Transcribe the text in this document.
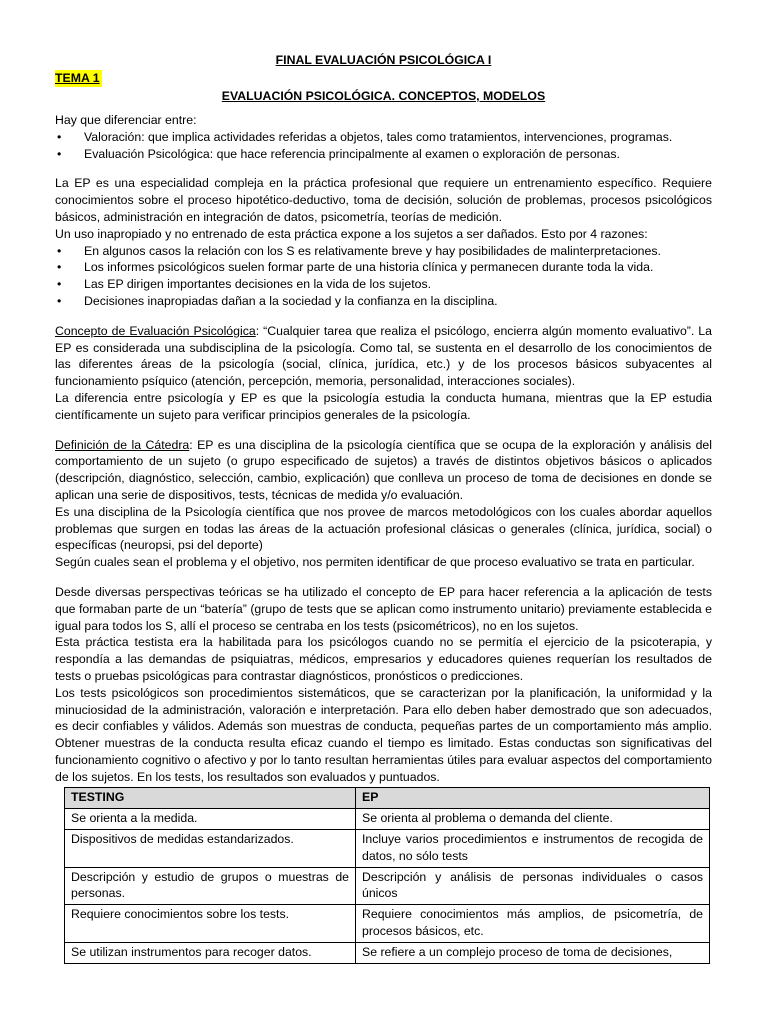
FINAL EVALUACIÓN PSICOLÓGICA I
TEMA 1
EVALUACIÓN PSICOLÓGICA. CONCEPTOS, MODELOS

Hay que diferenciar entre:

• Valoración: que implica actividades referidas a objetos, tales como tratamientos, intervenciones, programas.
• Evaluación Psicológica: que hace referencia principalmente al examen o exploración de personas.

La EP es una especialidad compleja en la práctica profesional que requiere un entrenamiento específico. Requiere conocimientos sobre el proceso hipotético-deductivo, toma de decisión, solución de problemas, procesos psicológicos básicos, administración en integración de datos, psicometría, teorías de medición.

Un uso inapropiado y no entrenado de esta práctica expone a los sujetos a ser dañados. Esto por 4 razones:

• En algunos casos la relación con los S es relativamente breve y hay posibilidades de malinterpretaciones.
• Los informes psicológicos suelen formar parte de una historia clínica y permanecen durante toda la vida.
• Las EP dirigen importantes decisiones en la vida de los sujetos.
• Decisiones inapropiadas dañan a la sociedad y la confianza en la disciplina.

Concepto de Evaluación Psicológica: “Cualquier tarea que realiza el psicólogo, encierra algún momento evaluativo”. La EP es considerada una subdisciplina de la psicología. Como tal, se sustenta en el desarrollo de los conocimientos de las diferentes áreas de la psicología (social, clínica, jurídica, etc.) y de los procesos básicos subyacentes al funcionamiento psíquico (atención, percepción, memoria, personalidad, interacciones sociales).

La diferencia entre psicología y EP es que la psicología estudia la conducta humana, mientras que la EP estudia científicamente un sujeto para verificar principios generales de la psicología.

Definición de la Cátedra: EP es una disciplina de la psicología científica que se ocupa de la exploración y análisis del comportamiento de un sujeto (o grupo especificado de sujetos) a través de distintos objetivos básicos o aplicados (descripción, diagnóstico, selección, cambio, explicación) que conlleva un proceso de toma de decisiones en donde se aplican una serie de dispositivos, tests, técnicas de medida y/o evaluación.

Es una disciplina de la Psicología científica que nos provee de marcos metodológicos con los cuales abordar aquellos problemas que surgen en todas las áreas de la actuación profesional clásicas o generales (clínica, jurídica, social) o específicas (neuropsi, psi del deporte)

Según cuales sean el problema y el objetivo, nos permiten identificar de que proceso evaluativo se trata en particular.

Desde diversas perspectivas teóricas se ha utilizado el concepto de EP para hacer referencia a la aplicación de tests que formaban parte de un “batería” (grupo de tests que se aplican como instrumento unitario) previamente establecida e igual para todos los S, allí el proceso se centraba en los tests (psicométricos), no en los sujetos.

Esta práctica testista era la habilitada para los psicólogos cuando no se permitía el ejercicio de la psicoterapia, y respondía a las demandas de psiquiatras, médicos, empresarios y educadores quienes requerían los resultados de tests o pruebas psicológicas para contrastar diagnósticos, pronósticos o predicciones.

Los tests psicológicos son procedimientos sistemáticos, que se caracterizan por la planificación, la uniformidad y la minuciosidad de la administración, valoración e interpretación. Para ello deben haber demostrado que son adecuados, es decir confiables y válidos. Además son muestras de conducta, pequeñas partes de un comportamiento más amplio. Obtener muestras de la conducta resulta eficaz cuando el tiempo es limitado. Estas conductas son significativas del funcionamiento cognitivo o afectivo y por lo tanto resultan herramientas útiles para evaluar aspectos del comportamiento de los sujetos. En los tests, los resultados son evaluados y puntuados.

TESTING	EP
Se orienta a la medida.	Se orienta al problema o demanda del cliente.
Dispositivos de medidas estandarizados.	Incluye varios procedimientos e instrumentos de recogida de datos, no sólo tests
Descripción y estudio de grupos o muestras de personas.	Descripción y análisis de personas individuales o casos únicos
Requiere conocimientos sobre los tests.	Requiere conocimientos más amplios, de psicometría, de procesos básicos, etc.
Se utilizan instrumentos para recoger datos.	Se refiere a un complejo proceso de toma de decisiones,
